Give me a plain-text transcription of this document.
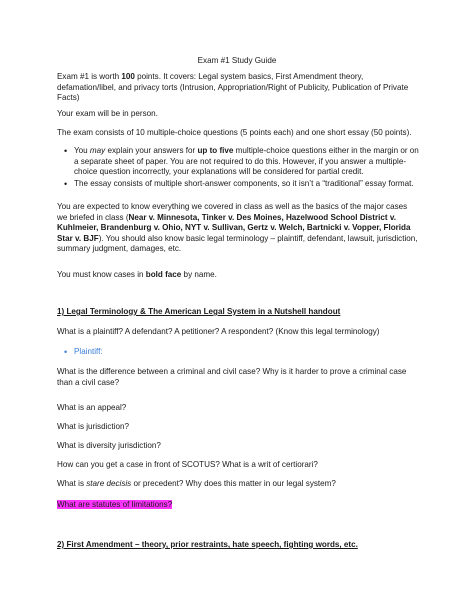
Exam #1 Study Guide

Exam #1 is worth 100 points. It covers: Legal system basics, First Amendment theory, defamation/libel, and privacy torts (Intrusion, Appropriation/Right of Publicity, Publication of Private Facts)

Your exam will be in person.

The exam consists of 10 multiple-choice questions (5 points each) and one short essay (50 points).

• You may explain your answers for up to five multiple-choice questions either in the margin or on a separate sheet of paper. You are not required to do this. However, if you answer a multiple-choice question incorrectly, your explanations will be considered for partial credit.
• The essay consists of multiple short-answer components, so it isn’t a “traditional” essay format.

You are expected to know everything we covered in class as well as the basics of the major cases we briefed in class (Near v. Minnesota, Tinker v. Des Moines, Hazelwood School District v. Kuhlmeier, Brandenburg v. Ohio, NYT v. Sullivan, Gertz v. Welch, Bartnicki v. Vopper, Florida Star v. BJF). You should also know basic legal terminology – plaintiff, defendant, lawsuit, jurisdiction, summary judgment, damages, etc.

You must know cases in bold face by name.

1) Legal Terminology & The American Legal System in a Nutshell handout

What is a plaintiff? A defendant? A petitioner? A respondent? (Know this legal terminology)

• Plaintiff:

What is the difference between a criminal and civil case? Why is it harder to prove a criminal case than a civil case?

What is an appeal?

What is jurisdiction?

What is diversity jurisdiction?

How can you get a case in front of SCOTUS? What is a writ of certiorari?

What is stare decisis or precedent? Why does this matter in our legal system?

What are statutes of limitations?

2) First Amendment – theory, prior restraints, hate speech, fighting words, etc.
